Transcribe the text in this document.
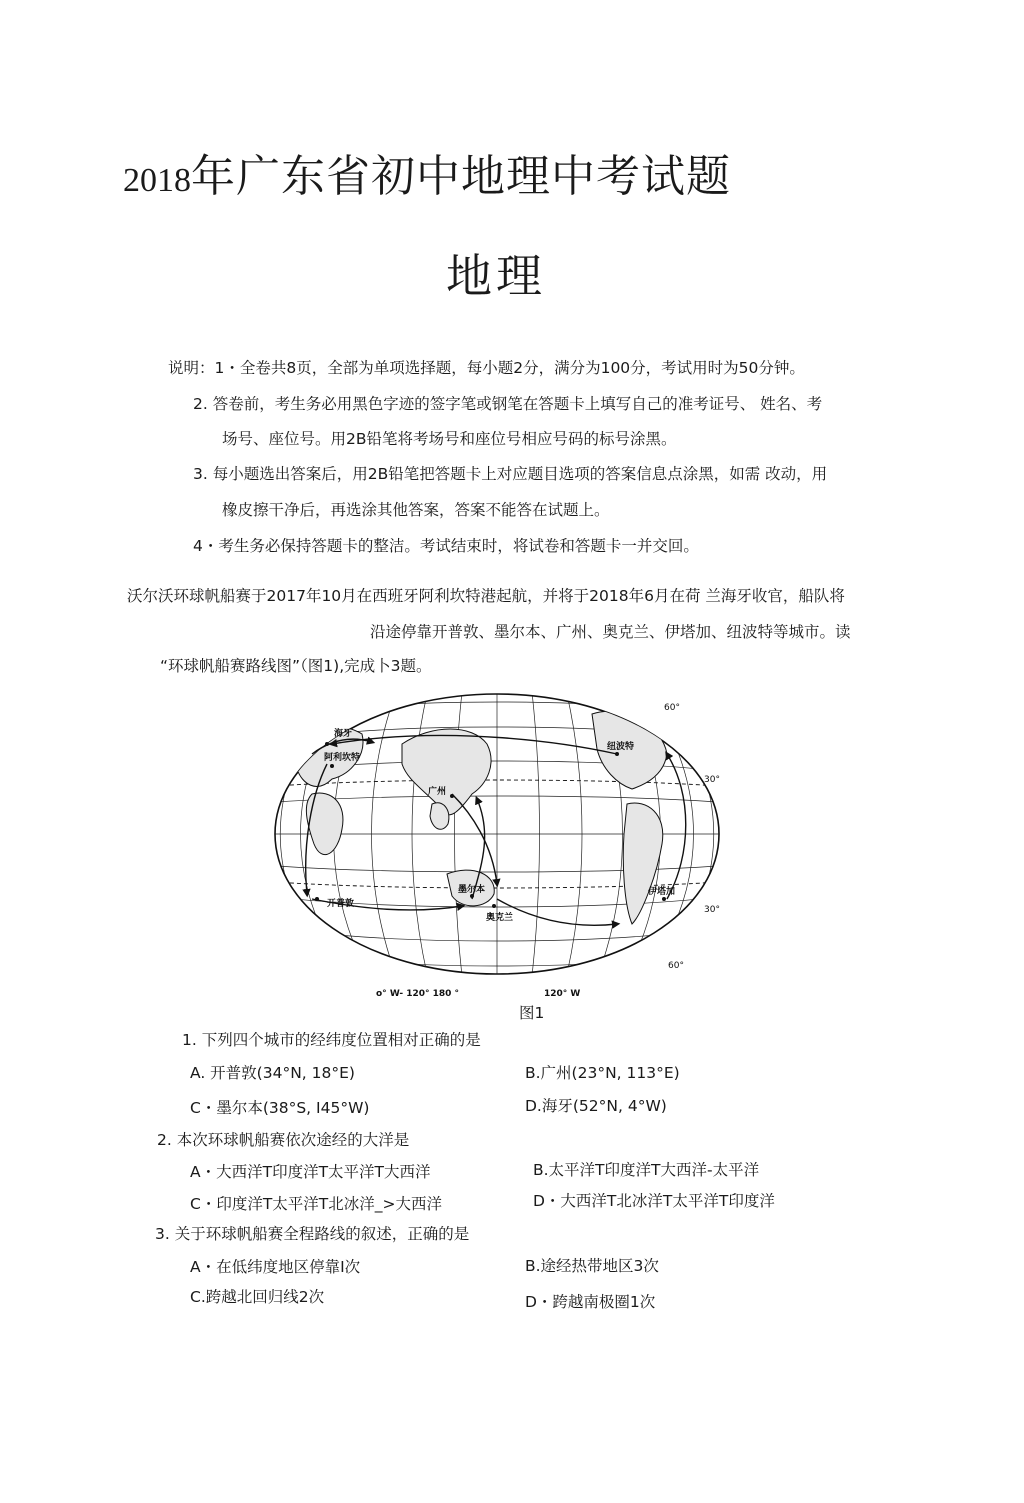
2018年广东省初中地理中考试题
地理
说明：1・全卷共8页，全部为单项选择题，每小题2分，满分为100分，考试用时为50分钟。
2. 答卷前，考生务必用黑色字迹的签字笔或钢笔在答题卡上填写自己的准考证号、 姓名、考
场号、座位号。用2B铅笔将考场号和座位号相应号码的标号涂黑。
3. 每小题选出答案后，用2B铅笔把答题卡上对应题目选项的答案信息点涂黑，如需 改动，用
橡皮擦干净后，再选涂其他答案，答案不能答在试题上。
4・考生务必保持答题卡的整洁。考试结束时，将试卷和答题卡一并交回。
沃尔沃环球帆船赛于2017年10月在西班牙阿利坎特港起航，并将于2018年6月在荷 兰海牙收官，船队将
沿途停靠开普敦、墨尔本、广州、奥克兰、伊塔加、纽波特等城市。读
“环球帆船赛路线图”（图1),完成卜3题。
海牙
阿利坎特
广州
纽波特
开普敦
墨尔本
奥克兰
伊塔加
60°
30°
30°
60°
o° W- 120° 180 °	120° W
图1
1. 下列四个城市的经纬度位置相对正确的是
A. 开普敦(34°N, 18°E)	B.广州(23°N, 113°E)
C・墨尔本(38°S, I45°W)	D.海牙(52°N, 4°W)
2. 本次环球帆船赛依次途经的大洋是
A・大西洋T印度洋T太平洋T大西洋	B.太平洋T印度洋T大西洋-太平洋
C・印度洋T太平洋T北冰洋_>大西洋	D・大西洋T北冰洋T太平洋T印度洋
3. 关于环球帆船赛全程路线的叙述，正确的是
A・在低纬度地区停靠I次	B.途经热带地区3次
C.跨越北回归线2次	D・跨越南极圈1次
